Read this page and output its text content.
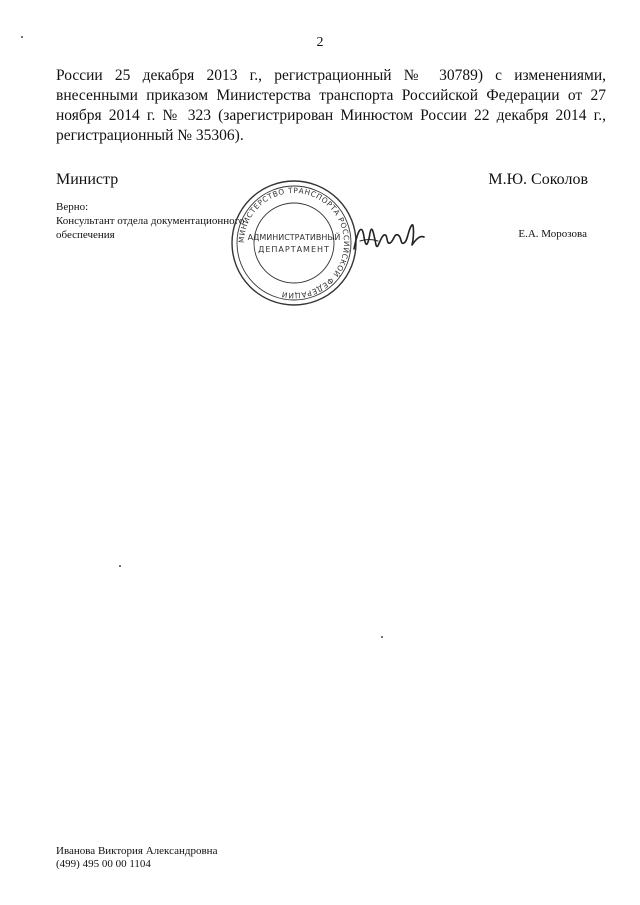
2
России 25 декабря 2013 г., регистрационный № 30789) с изменениями, внесенными приказом Министерства транспорта Российской Федерации от 27 ноября 2014 г. № 323 (зарегистрирован Минюстом России 22 декабря 2014 г., регистрационный № 35306).
Министр	М.Ю. Соколов
Верно:
Консультант отдела документационного
обеспечения	Е.А. Морозова
МИНИСТЕРСТВО ТРАНСПОРТА РОССИЙСКОЙ ФЕДЕРАЦИИ
АДМИНИСТРАТИВНЫЙ
ДЕПАРТАМЕНТ
Иванова Виктория Александровна
(499) 495 00 00 1104
